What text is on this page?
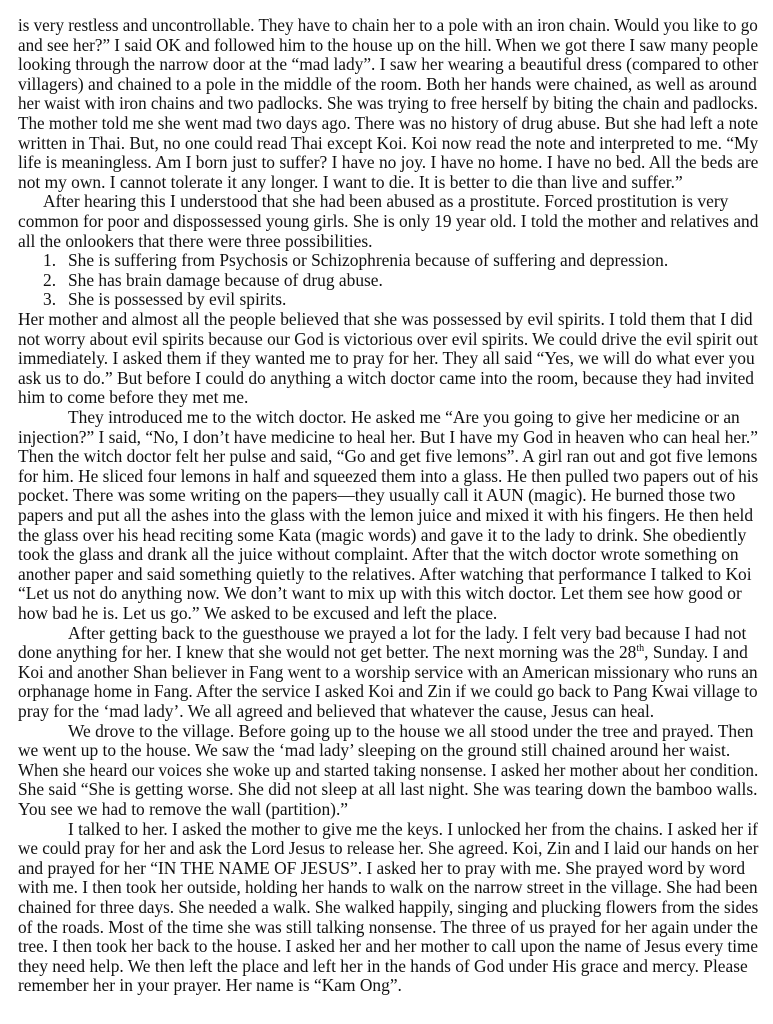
is very restless and uncontrollable. They have to chain her to a pole with an iron chain. Would you like to go
and see her?” I said OK and followed him to the house up on the hill. When we got there I saw many people
looking through the narrow door at the “mad lady”. I saw her wearing a beautiful dress (compared to other
villagers) and chained to a pole in the middle of the room. Both her hands were chained, as well as around
her waist with iron chains and two padlocks. She was trying to free herself by biting the chain and padlocks.
The mother told me she went mad two days ago. There was no history of drug abuse. But she had left a note
written in Thai. But, no one could read Thai except Koi. Koi now read the note and interpreted to me. “My
life is meaningless. Am I born just to suffer? I have no joy. I have no home. I have no bed. All the beds are
not my own. I cannot tolerate it any longer. I want to die. It is better to die than live and suffer.”
After hearing this I understood that she had been abused as a prostitute. Forced prostitution is very
common for poor and dispossessed young girls. She is only 19 year old. I told the mother and relatives and
all the onlookers that there were three possibilities.
1. She is suffering from Psychosis or Schizophrenia because of suffering and depression.
2. She has brain damage because of drug abuse.
3. She is possessed by evil spirits.
Her mother and almost all the people believed that she was possessed by evil spirits. I told them that I did
not worry about evil spirits because our God is victorious over evil spirits. We could drive the evil spirit out
immediately. I asked them if they wanted me to pray for her. They all said “Yes, we will do what ever you
ask us to do.” But before I could do anything a witch doctor came into the room, because they had invited
him to come before they met me.
They introduced me to the witch doctor. He asked me “Are you going to give her medicine or an
injection?” I said, “No, I don’t have medicine to heal her. But I have my God in heaven who can heal her.”
Then the witch doctor felt her pulse and said, “Go and get five lemons”. A girl ran out and got five lemons
for him. He sliced four lemons in half and squeezed them into a glass. He then pulled two papers out of his
pocket. There was some writing on the papers—they usually call it AUN (magic). He burned those two
papers and put all the ashes into the glass with the lemon juice and mixed it with his fingers. He then held
the glass over his head reciting some Kata (magic words) and gave it to the lady to drink. She obediently
took the glass and drank all the juice without complaint. After that the witch doctor wrote something on
another paper and said something quietly to the relatives. After watching that performance I talked to Koi
“Let us not do anything now. We don’t want to mix up with this witch doctor. Let them see how good or
how bad he is. Let us go.” We asked to be excused and left the place.
After getting back to the guesthouse we prayed a lot for the lady. I felt very bad because I had not
done anything for her. I knew that she would not get better. The next morning was the 28th, Sunday. I and
Koi and another Shan believer in Fang went to a worship service with an American missionary who runs an
orphanage home in Fang. After the service I asked Koi and Zin if we could go back to Pang Kwai village to
pray for the ‘mad lady’. We all agreed and believed that whatever the cause, Jesus can heal.
We drove to the village. Before going up to the house we all stood under the tree and prayed. Then
we went up to the house. We saw the ‘mad lady’ sleeping on the ground still chained around her waist.
When she heard our voices she woke up and started taking nonsense. I asked her mother about her condition.
She said “She is getting worse. She did not sleep at all last night. She was tearing down the bamboo walls.
You see we had to remove the wall (partition).”
I talked to her. I asked the mother to give me the keys. I unlocked her from the chains. I asked her if
we could pray for her and ask the Lord Jesus to release her. She agreed. Koi, Zin and I laid our hands on her
and prayed for her “IN THE NAME OF JESUS”. I asked her to pray with me. She prayed word by word
with me. I then took her outside, holding her hands to walk on the narrow street in the village. She had been
chained for three days. She needed a walk. She walked happily, singing and plucking flowers from the sides
of the roads. Most of the time she was still talking nonsense. The three of us prayed for her again under the
tree. I then took her back to the house. I asked her and her mother to call upon the name of Jesus every time
they need help. We then left the place and left her in the hands of God under His grace and mercy. Please
remember her in your prayer. Her name is “Kam Ong”.
